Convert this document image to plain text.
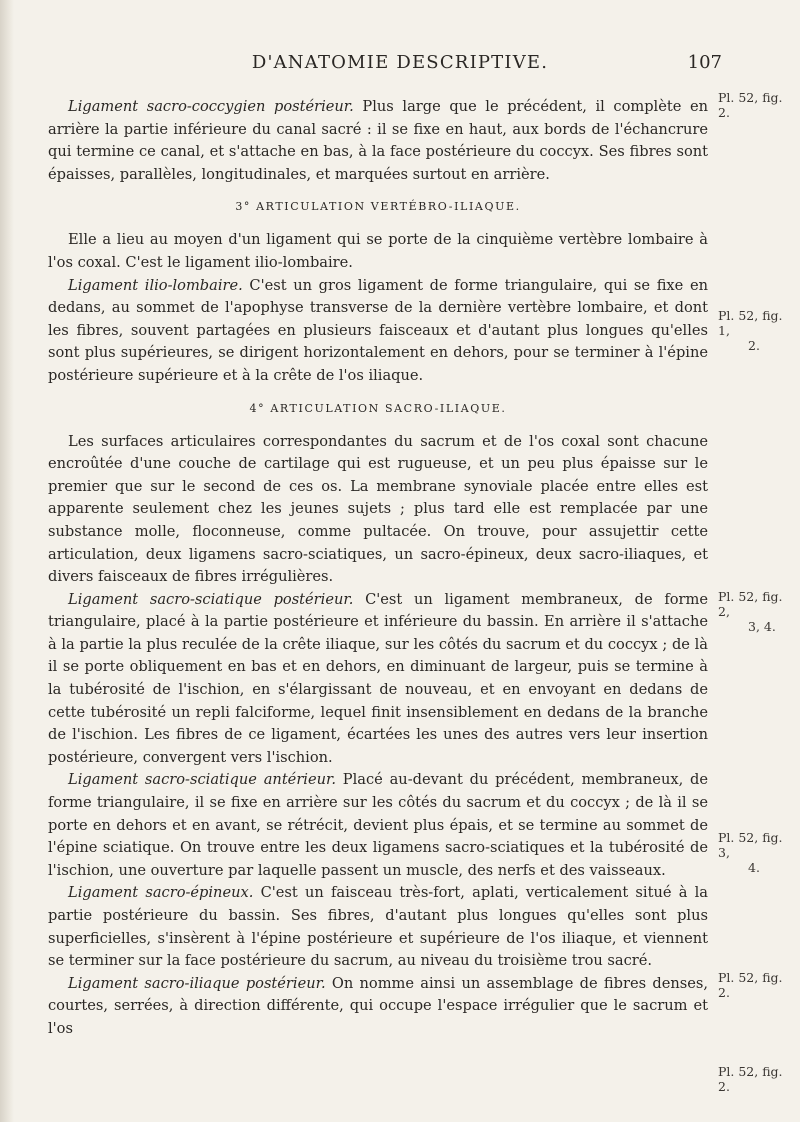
D'ANATOMIE DESCRIPTIVE.	107

Ligament sacro-coccygien postérieur. Plus large que le précédent, il complète en arrière la partie inférieure du canal sacré : il se fixe en haut, aux bords de l'échancrure qui termine ce canal, et s'attache en bas, à la face postérieure du coccyx. Ses fibres sont épaisses, parallèles, longitudinales, et marquées surtout en arrière.

3° ARTICULATION VERTÉBRO-ILIAQUE.

Elle a lieu au moyen d'un ligament qui se porte de la cinquième vertèbre lombaire à l'os coxal. C'est le ligament ilio-lombaire.

Ligament ilio-lombaire. C'est un gros ligament de forme triangulaire, qui se fixe en dedans, au sommet de l'apophyse transverse de la dernière vertèbre lombaire, et dont les fibres, souvent partagées en plusieurs faisceaux et d'autant plus longues qu'elles sont plus supérieures, se dirigent horizontalement en dehors, pour se terminer à l'épine postérieure supérieure et à la crête de l'os iliaque.

4° ARTICULATION SACRO-ILIAQUE.

Les surfaces articulaires correspondantes du sacrum et de l'os coxal sont chacune encroûtée d'une couche de cartilage qui est rugueuse, et un peu plus épaisse sur le premier que sur le second de ces os. La membrane synoviale placée entre elles est apparente seulement chez les jeunes sujets ; plus tard elle est remplacée par une substance molle, floconneuse, comme pultacée. On trouve, pour assujettir cette articulation, deux ligamens sacro-sciatiques, un sacro-épineux, deux sacro-iliaques, et divers faisceaux de fibres irrégulières.

Ligament sacro-sciatique postérieur. C'est un ligament membraneux, de forme triangulaire, placé à la partie postérieure et inférieure du bassin. En arrière il s'attache à la partie la plus reculée de la crête iliaque, sur les côtés du sacrum et du coccyx ; de là il se porte obliquement en bas et en dehors, en diminuant de largeur, puis se termine à la tubérosité de l'ischion, en s'élargissant de nouveau, et en envoyant en dedans de cette tubérosité un repli falciforme, lequel finit insensiblement en dedans de la branche de l'ischion. Les fibres de ce ligament, écartées les unes des autres vers leur insertion postérieure, convergent vers l'ischion.

Ligament sacro-sciatique antérieur. Placé au-devant du précédent, membraneux, de forme triangulaire, il se fixe en arrière sur les côtés du sacrum et du coccyx ; de là il se porte en dehors et en avant, se rétrécit, devient plus épais, et se termine au sommet de l'épine sciatique. On trouve entre les deux ligamens sacro-sciatiques et la tubérosité de l'ischion, une ouverture par laquelle passent un muscle, des nerfs et des vaisseaux.

Ligament sacro-épineux. C'est un faisceau très-fort, aplati, verticalement situé à la partie postérieure du bassin. Ses fibres, d'autant plus longues qu'elles sont plus superficielles, s'insèrent à l'épine postérieure et supérieure de l'os iliaque, et viennent se terminer sur la face postérieure du sacrum, au niveau du troisième trou sacré.

Ligament sacro-iliaque postérieur. On nomme ainsi un assemblage de fibres denses, courtes, serrées, à direction différente, qui occupe l'espace irrégulier que le sacrum et l'os

Pl. 52, fig. 2.
Pl. 52, fig. 1,
2.
Pl. 52, fig. 2,
3, 4.
Pl. 52, fig. 3,
4.
Pl. 52, fig. 2.
Pl. 52, fig. 2.
